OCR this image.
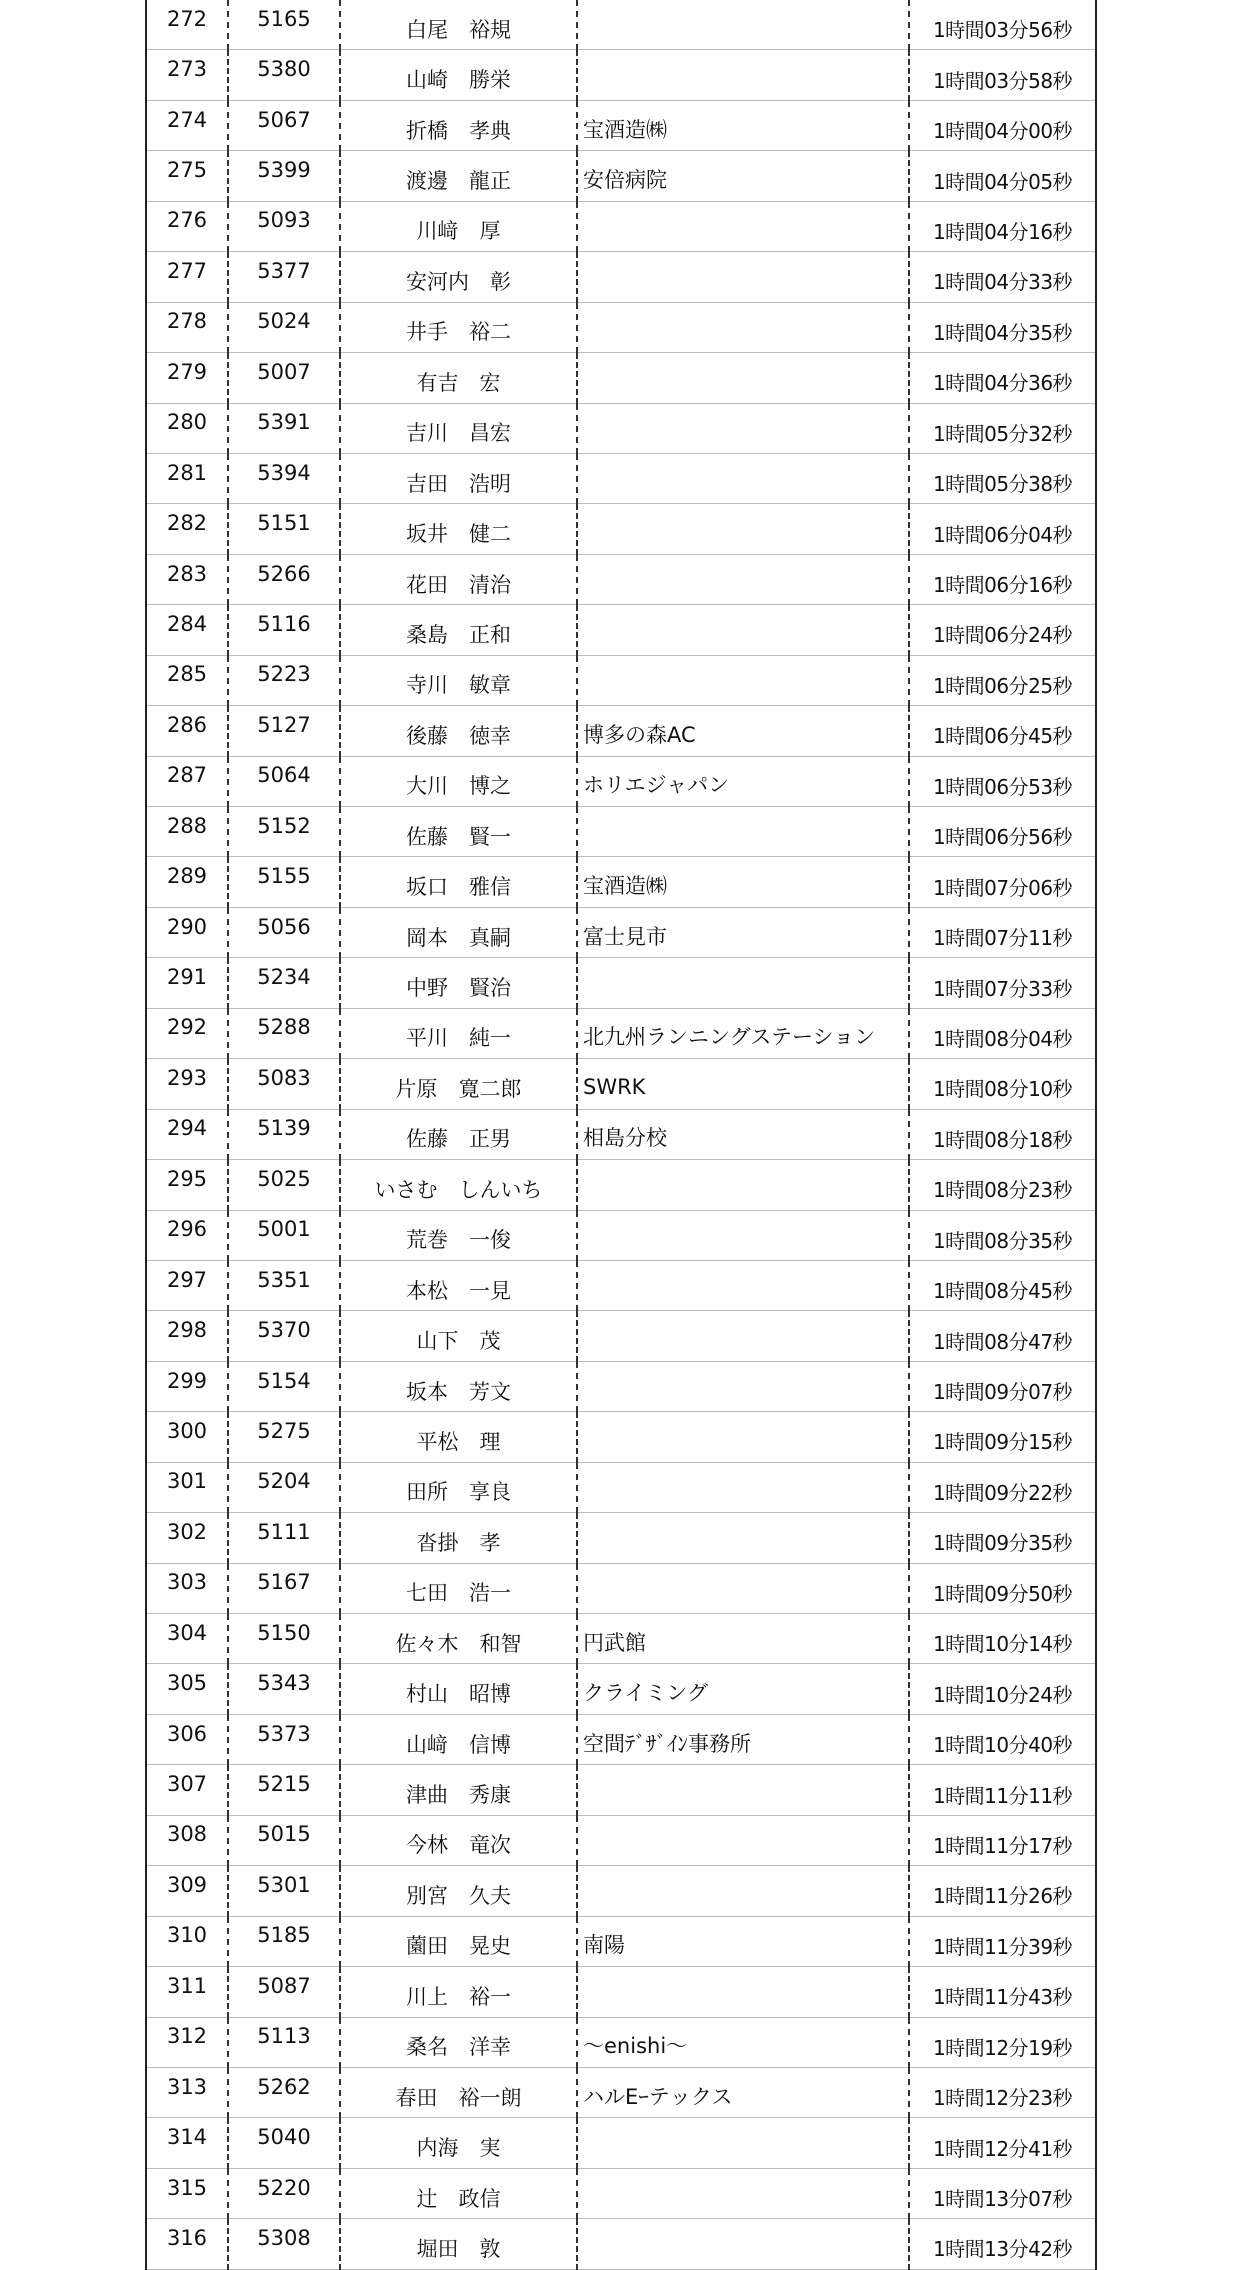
272	5165	白尾　裕規		1時間03分56秒
273	5380	山崎　勝栄		1時間03分58秒
274	5067	折橋　孝典	宝酒造㈱	1時間04分00秒
275	5399	渡邊　龍正	安倍病院	1時間04分05秒
276	5093	川﨑　厚		1時間04分16秒
277	5377	安河内　彰		1時間04分33秒
278	5024	井手　裕二		1時間04分35秒
279	5007	有吉　宏		1時間04分36秒
280	5391	吉川　昌宏		1時間05分32秒
281	5394	吉田　浩明		1時間05分38秒
282	5151	坂井　健二		1時間06分04秒
283	5266	花田　清治		1時間06分16秒
284	5116	桑島　正和		1時間06分24秒
285	5223	寺川　敏章		1時間06分25秒
286	5127	後藤　徳幸	博多の森AC	1時間06分45秒
287	5064	大川　博之	ホリエジャパン	1時間06分53秒
288	5152	佐藤　賢一		1時間06分56秒
289	5155	坂口　雅信	宝酒造㈱	1時間07分06秒
290	5056	岡本　真嗣	富士見市	1時間07分11秒
291	5234	中野　賢治		1時間07分33秒
292	5288	平川　純一	北九州ランニングステーション	1時間08分04秒
293	5083	片原　寛二郎	SWRK	1時間08分10秒
294	5139	佐藤　正男	相島分校	1時間08分18秒
295	5025	いさむ　しんいち		1時間08分23秒
296	5001	荒巻　一俊		1時間08分35秒
297	5351	本松　一見		1時間08分45秒
298	5370	山下　茂		1時間08分47秒
299	5154	坂本　芳文		1時間09分07秒
300	5275	平松　理		1時間09分15秒
301	5204	田所　享良		1時間09分22秒
302	5111	沓掛　孝		1時間09分35秒
303	5167	七田　浩一		1時間09分50秒
304	5150	佐々木　和智	円武館	1時間10分14秒
305	5343	村山　昭博	クライミング	1時間10分24秒
306	5373	山﨑　信博	空間ﾃﾞｻﾞｲﾝ事務所	1時間10分40秒
307	5215	津曲　秀康		1時間11分11秒
308	5015	今林　竜次		1時間11分17秒
309	5301	別宮　久夫		1時間11分26秒
310	5185	薗田　晃史	南陽	1時間11分39秒
311	5087	川上　裕一		1時間11分43秒
312	5113	桑名　洋幸	～enishi～	1時間12分19秒
313	5262	春田　裕一朗	ハルEｰテックス	1時間12分23秒
314	5040	内海　実		1時間12分41秒
315	5220	辻　政信		1時間13分07秒
316	5308	堀田　敦		1時間13分42秒
